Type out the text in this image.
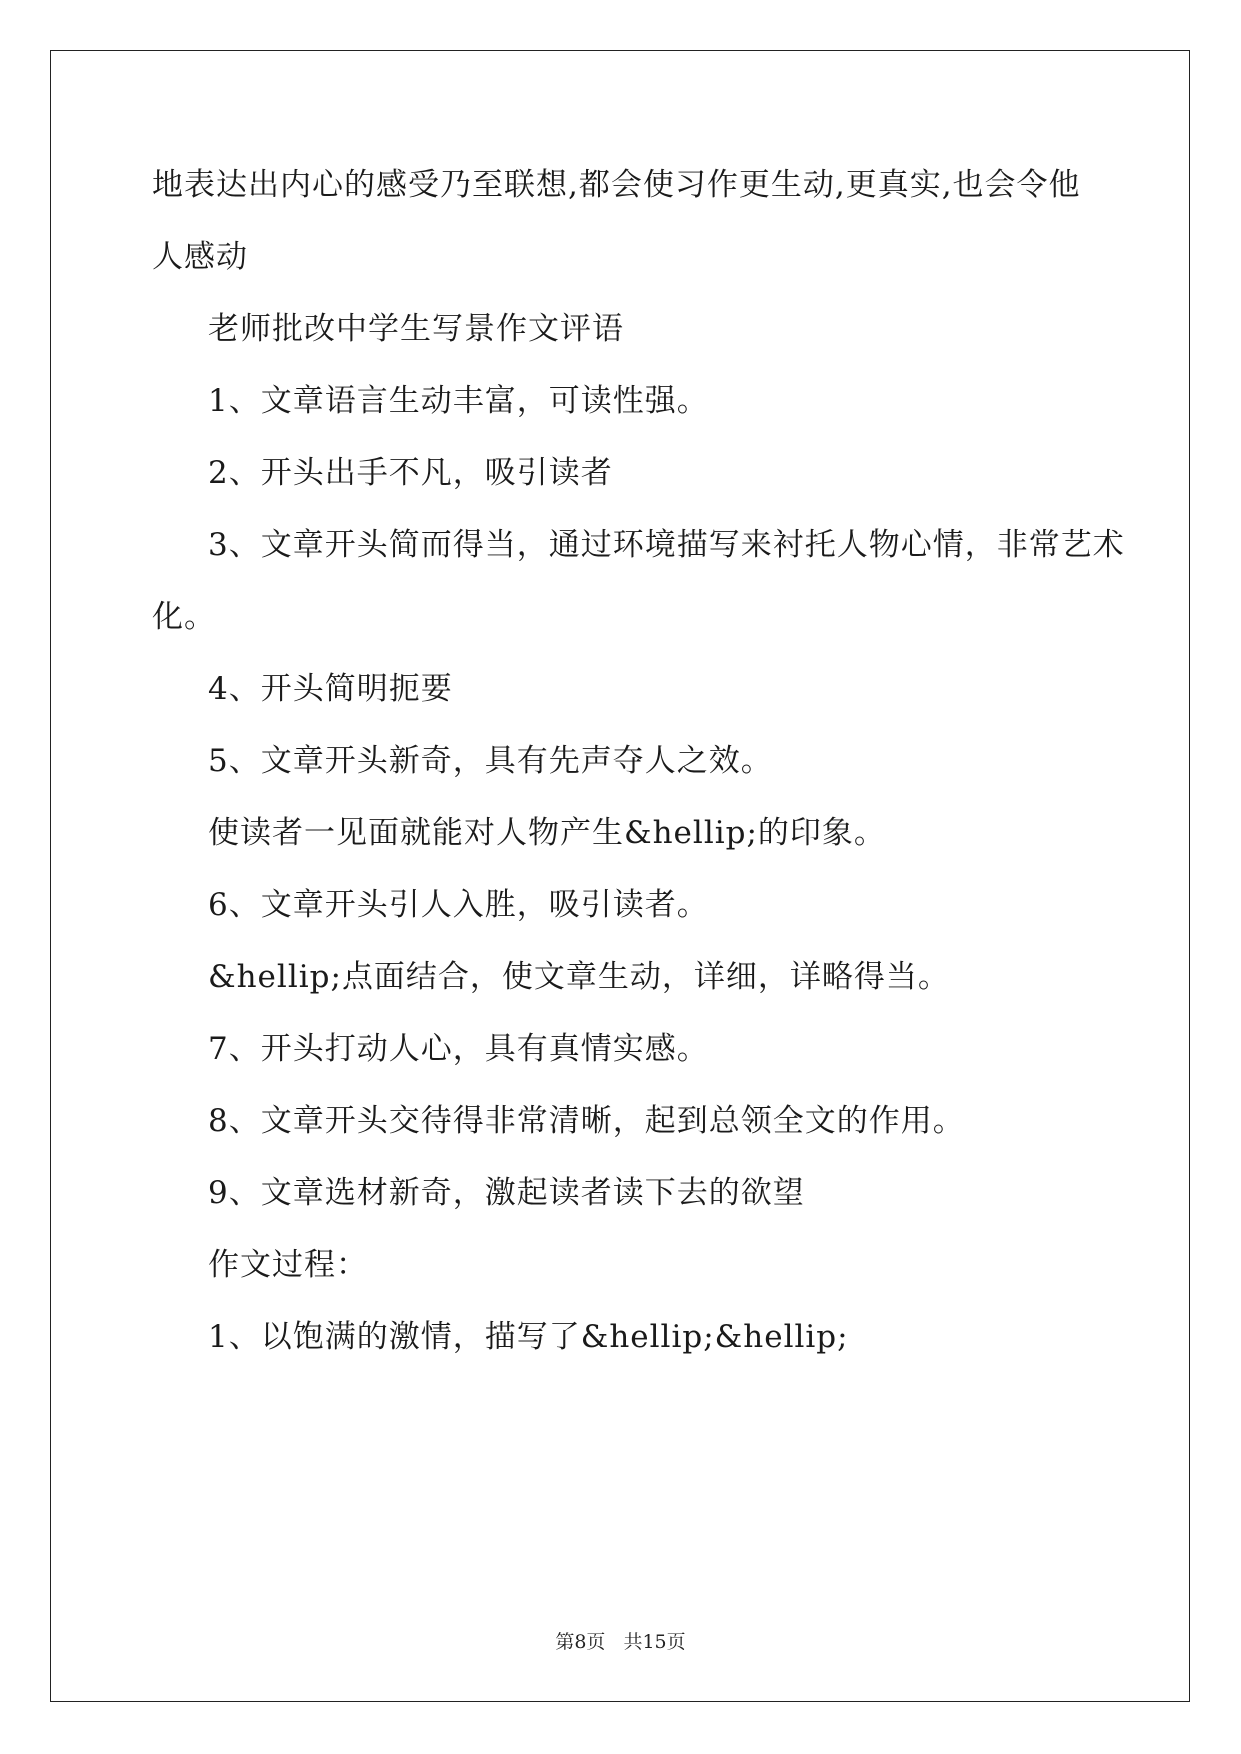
地表达出内心的感受乃至联想,都会使习作更生动,更真实,也会令他
人感动
老师批改中学生写景作文评语
1、文章语言生动丰富，可读性强。
2、开头出手不凡，吸引读者
3、文章开头简而得当，通过环境描写来衬托人物心情，非常艺术
化。
4、开头简明扼要
5、文章开头新奇，具有先声夺人之效。
使读者一见面就能对人物产生&hellip;的印象。
6、文章开头引人入胜，吸引读者。
&hellip;点面结合，使文章生动，详细，详略得当。
7、开头打动人心，具有真情实感。
8、文章开头交待得非常清晰，起到总领全文的作用。
9、文章选材新奇，激起读者读下去的欲望
作文过程：
1、以饱满的激情，描写了&hellip;&hellip;
第8页 共15页
